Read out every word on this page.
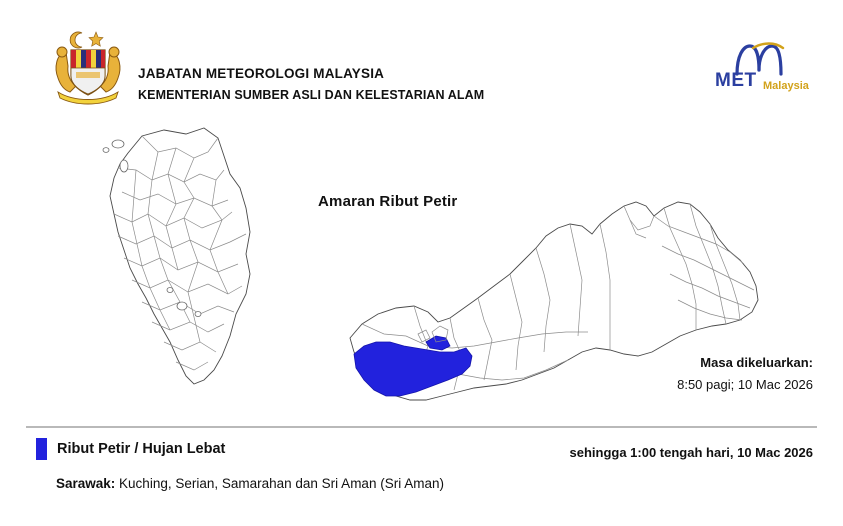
JABATAN METEOROLOGI MALAYSIA
KEMENTERIAN SUMBER ASLI DAN KELESTARIAN ALAM
MET Malaysia
Amaran Ribut Petir
Masa dikeluarkan:
8:50 pagi; 10 Mac 2026
Ribut Petir / Hujan Lebat	sehingga 1:00 tengah hari, 10 Mac 2026
Sarawak: Kuching, Serian, Samarahan dan Sri Aman (Sri Aman)
